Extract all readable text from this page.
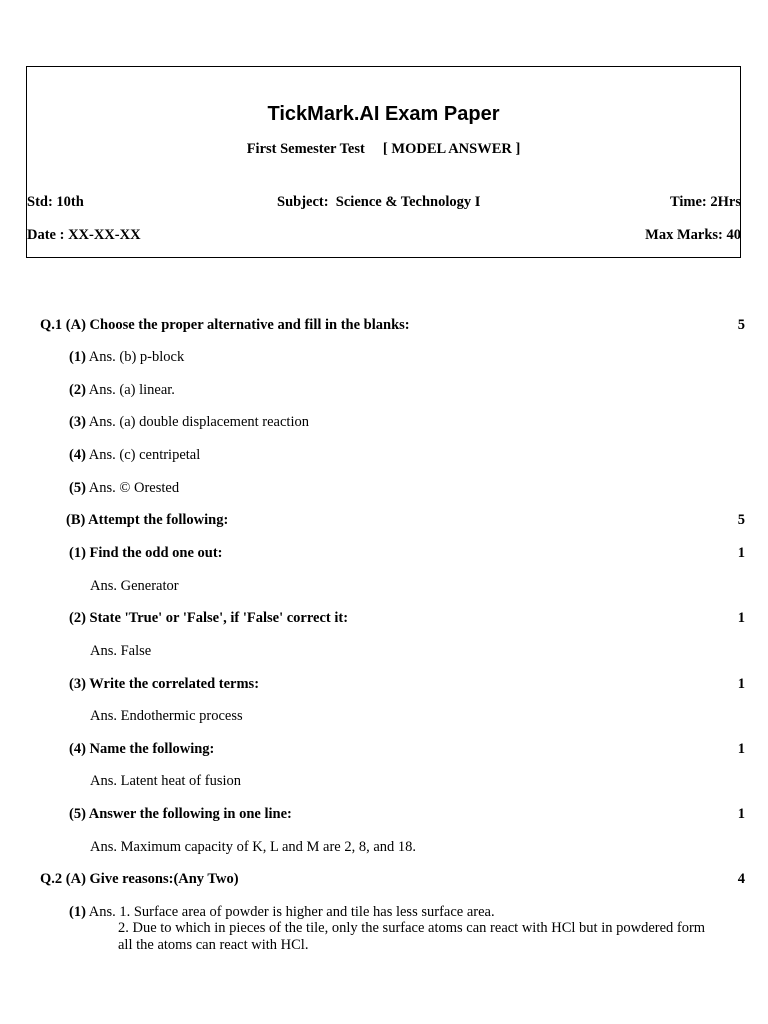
TickMark.AI Exam Paper
First Semester Test     [ MODEL ANSWER ]
Std: 10th	Subject:  Science & Technology I	Time: 2Hrs
Date : XX-XX-XX	Max Marks: 40
Q.1 (A) Choose the proper alternative and fill in the blanks:	5
(1) Ans. (b) p-block
(2) Ans. (a) linear.
(3) Ans. (a) double displacement reaction
(4) Ans. (c) centripetal
(5) Ans. © Orested
(B) Attempt the following:	5
(1) Find the odd one out:	1
Ans. Generator
(2) State 'True' or 'False', if 'False' correct it:	1
Ans. False
(3) Write the correlated terms:	1
Ans. Endothermic process
(4) Name the following:	1
Ans. Latent heat of fusion
(5) Answer the following in one line:	1
Ans. Maximum capacity of K, L and M are 2, 8, and 18.
Q.2 (A) Give reasons:(Any Two)	4
(1) Ans. 1. Surface area of powder is higher and tile has less surface area.
2. Due to which in pieces of the tile, only the surface atoms can react with HCl but in powdered form
all the atoms can react with HCl.
